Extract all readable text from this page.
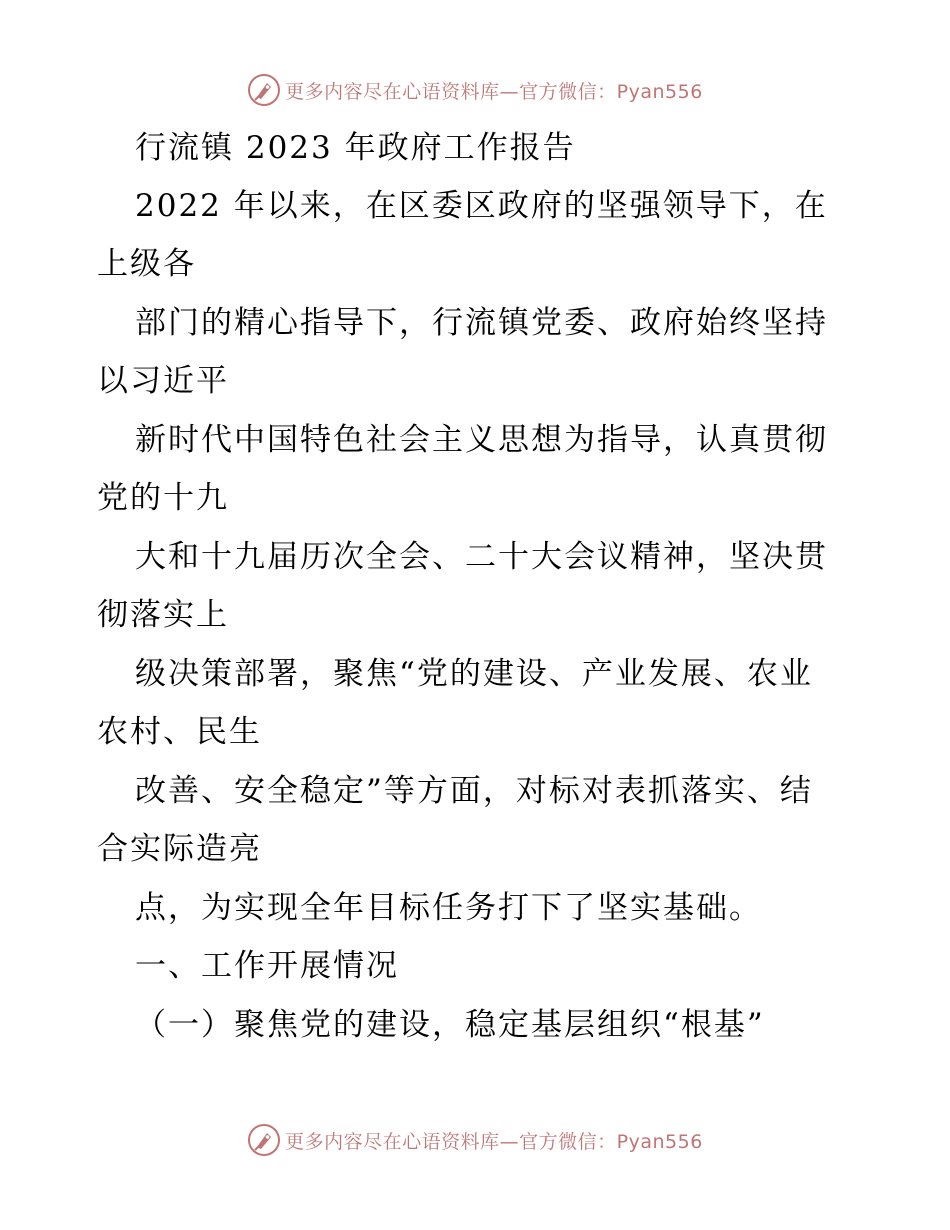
更多内容尽在心语资料库—官方微信：Pyan556
行流镇 2023 年政府工作报告
2022 年以来，在区委区政府的坚强领导下，在
上级各
部门的精心指导下，行流镇党委、政府始终坚持
以习近平
新时代中国特色社会主义思想为指导，认真贯彻
党的十九
大和十九届历次全会、二十大会议精神，坚决贯
彻落实上
级决策部署，聚焦“党的建设、产业发展、农业
农村、民生
改善、安全稳定”等方面，对标对表抓落实、结
合实际造亮
点，为实现全年目标任务打下了坚实基础。
一、工作开展情况
（一）聚焦党的建设，稳定基层组织“根基”
更多内容尽在心语资料库—官方微信：Pyan556
